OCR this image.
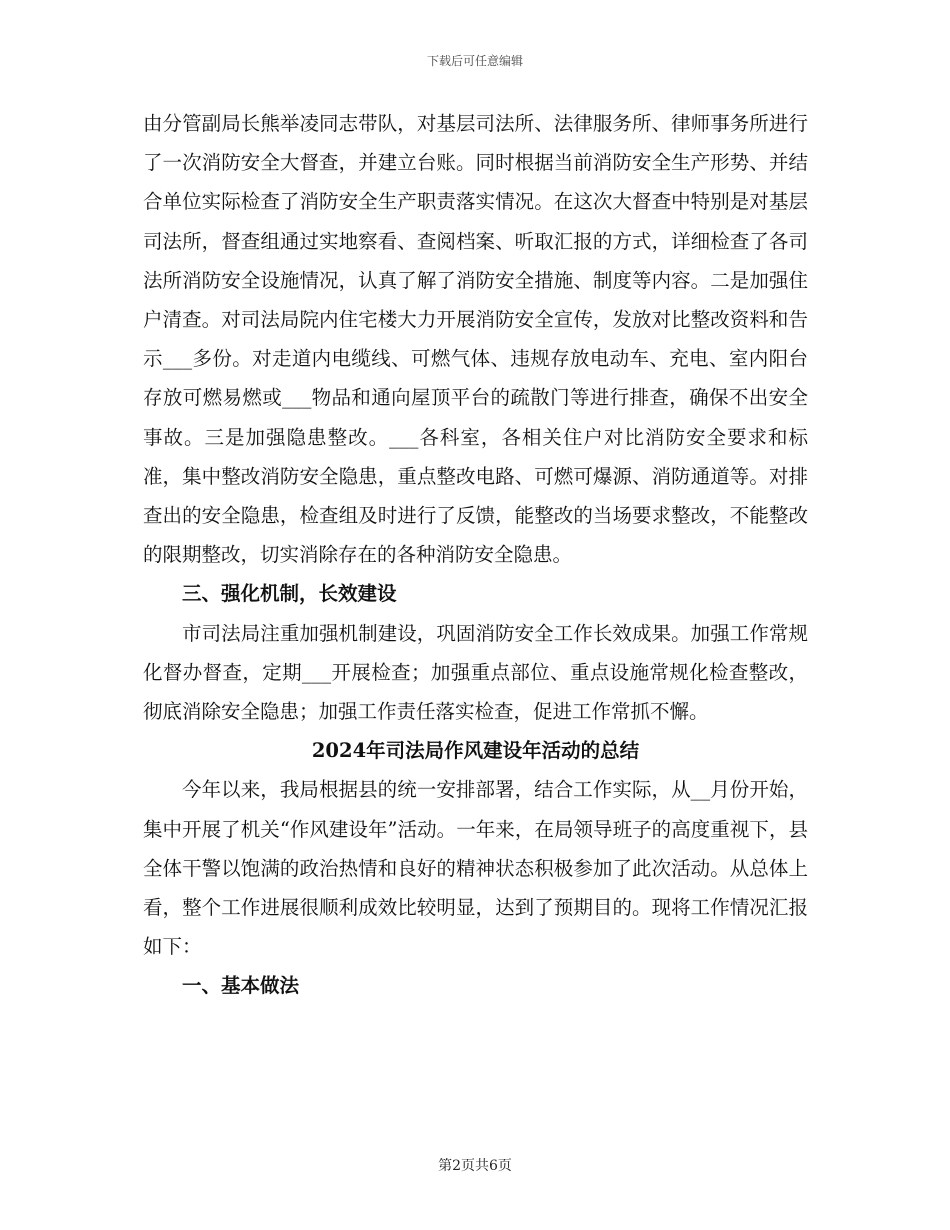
下载后可任意编辑

由分管副局长熊举凌同志带队，对基层司法所、法律服务所、律师事务所进行了一次消防安全大督查，并建立台账。同时根据当前消防安全生产形势、并结合单位实际检查了消防安全生产职责落实情况。在这次大督查中特别是对基层司法所，督查组通过实地察看、查阅档案、听取汇报的方式，详细检查了各司法所消防安全设施情况，认真了解了消防安全措施、制度等内容。二是加强住户清查。对司法局院内住宅楼大力开展消防安全宣传，发放对比整改资料和告示___多份。对走道内电缆线、可燃气体、违规存放电动车、充电、室内阳台存放可燃易燃或___物品和通向屋顶平台的疏散门等进行排查，确保不出安全事故。三是加强隐患整改。___各科室，各相关住户对比消防安全要求和标准，集中整改消防安全隐患，重点整改电路、可燃可爆源、消防通道等。对排查出的安全隐患，检查组及时进行了反馈，能整改的当场要求整改，不能整改的限期整改，切实消除存在的各种消防安全隐患。

三、强化机制，长效建设

市司法局注重加强机制建设，巩固消防安全工作长效成果。加强工作常规化督办督查，定期___开展检查；加强重点部位、重点设施常规化检查整改，彻底消除安全隐患；加强工作责任落实检查，促进工作常抓不懈。

2024年司法局作风建设年活动的总结

今年以来，我局根据县的统一安排部署，结合工作实际，从__月份开始，集中开展了机关“作风建设年”活动。一年来，在局领导班子的高度重视下，县全体干警以饱满的政治热情和良好的精神状态积极参加了此次活动。从总体上看，整个工作进展很顺利成效比较明显，达到了预期目的。现将工作情况汇报如下：

一、基本做法

第2页共6页
